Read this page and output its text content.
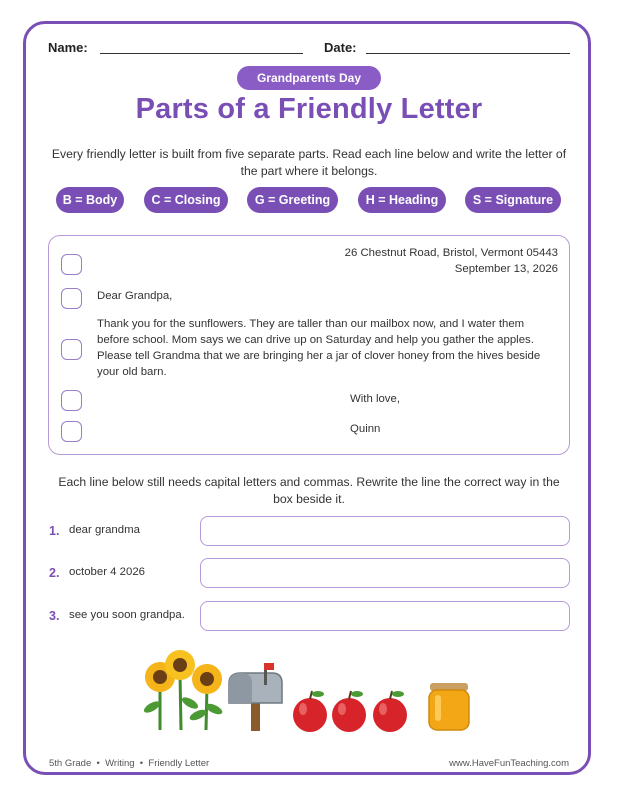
Name:	Date:
Grandparents Day
Parts of a Friendly Letter
Every friendly letter is built from five separate parts. Read each line below and write the letter of the part where it belongs.
B = Body	C = Closing	G = Greeting	H = Heading	S = Signature
26 Chestnut Road, Bristol, Vermont 05443
September 13, 2026
Dear Grandpa,
Thank you for the sunflowers. They are taller than our mailbox now, and I water them
before school. Mom says we can drive up on Saturday and help you gather the apples.
Please tell Grandma that we are bringing her a jar of clover honey from the hives beside
your old barn.
With love,
Quinn
Each line below still needs capital letters and commas. Rewrite the line the correct way in the box beside it.
1. dear grandma
2. october 4 2026
3. see you soon grandpa.
5th Grade  •  Writing  •  Friendly Letter	www.HaveFunTeaching.com
